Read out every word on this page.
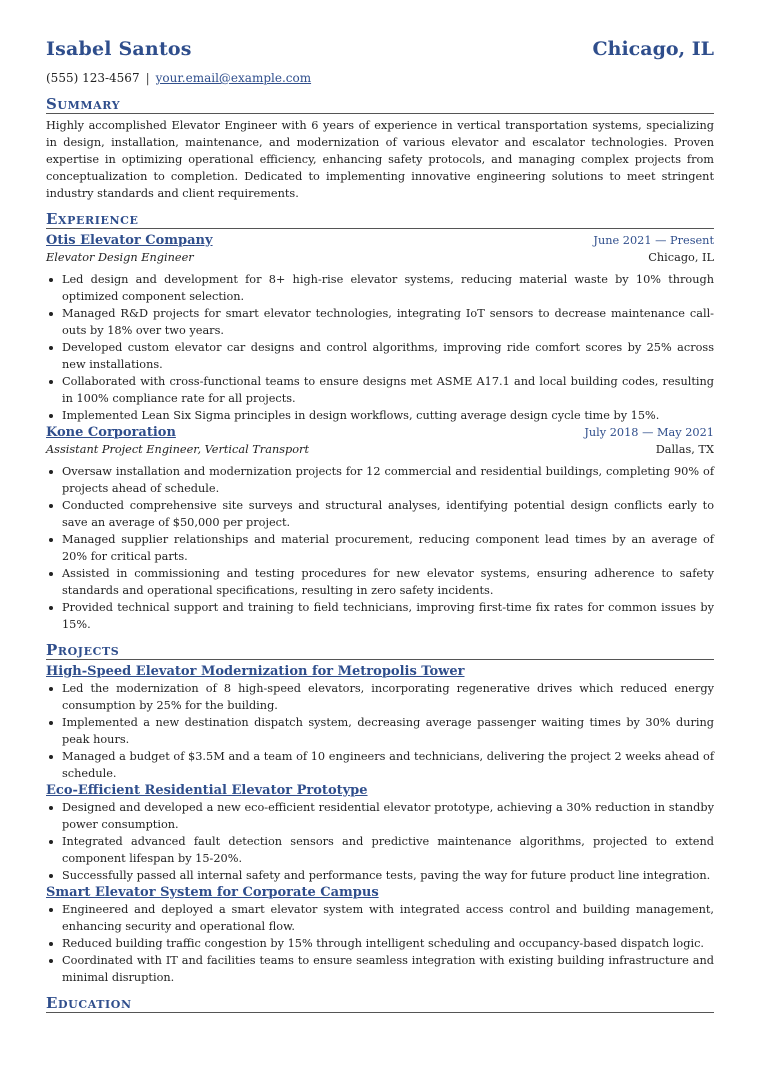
Isabel Santos	Chicago, IL
(555) 123-4567 | your.email@example.com
Summary
Highly accomplished Elevator Engineer with 6 years of experience in vertical transportation systems, specializing in design, installation, maintenance, and modernization of various elevator and escalator technologies. Proven expertise in optimizing operational efficiency, enhancing safety protocols, and managing complex projects from conceptualization to completion. Dedicated to implementing innovative engineering solutions to meet stringent industry standards and client requirements.
Experience
Otis Elevator Company	June 2021 — Present
Elevator Design Engineer	Chicago, IL
Led design and development for 8+ high-rise elevator systems, reducing material waste by 10% through optimized component selection.
Managed R&D projects for smart elevator technologies, integrating IoT sensors to decrease maintenance call-outs by 18% over two years.
Developed custom elevator car designs and control algorithms, improving ride comfort scores by 25% across new installations.
Collaborated with cross-functional teams to ensure designs met ASME A17.1 and local building codes, resulting in 100% compliance rate for all projects.
Implemented Lean Six Sigma principles in design workflows, cutting average design cycle time by 15%.
Kone Corporation	July 2018 — May 2021
Assistant Project Engineer, Vertical Transport	Dallas, TX
Oversaw installation and modernization projects for 12 commercial and residential buildings, completing 90% of projects ahead of schedule.
Conducted comprehensive site surveys and structural analyses, identifying potential design conflicts early to save an average of $50,000 per project.
Managed supplier relationships and material procurement, reducing component lead times by an average of 20% for critical parts.
Assisted in commissioning and testing procedures for new elevator systems, ensuring adherence to safety standards and operational specifications, resulting in zero safety incidents.
Provided technical support and training to field technicians, improving first-time fix rates for common issues by 15%.
Projects
High-Speed Elevator Modernization for Metropolis Tower
Led the modernization of 8 high-speed elevators, incorporating regenerative drives which reduced energy consumption by 25% for the building.
Implemented a new destination dispatch system, decreasing average passenger waiting times by 30% during peak hours.
Managed a budget of $3.5M and a team of 10 engineers and technicians, delivering the project 2 weeks ahead of schedule.
Eco-Efficient Residential Elevator Prototype
Designed and developed a new eco-efficient residential elevator prototype, achieving a 30% reduction in standby power consumption.
Integrated advanced fault detection sensors and predictive maintenance algorithms, projected to extend component lifespan by 15-20%.
Successfully passed all internal safety and performance tests, paving the way for future product line integration.
Smart Elevator System for Corporate Campus
Engineered and deployed a smart elevator system with integrated access control and building management, enhancing security and operational flow.
Reduced building traffic congestion by 15% through intelligent scheduling and occupancy-based dispatch logic.
Coordinated with IT and facilities teams to ensure seamless integration with existing building infrastructure and minimal disruption.
Education
